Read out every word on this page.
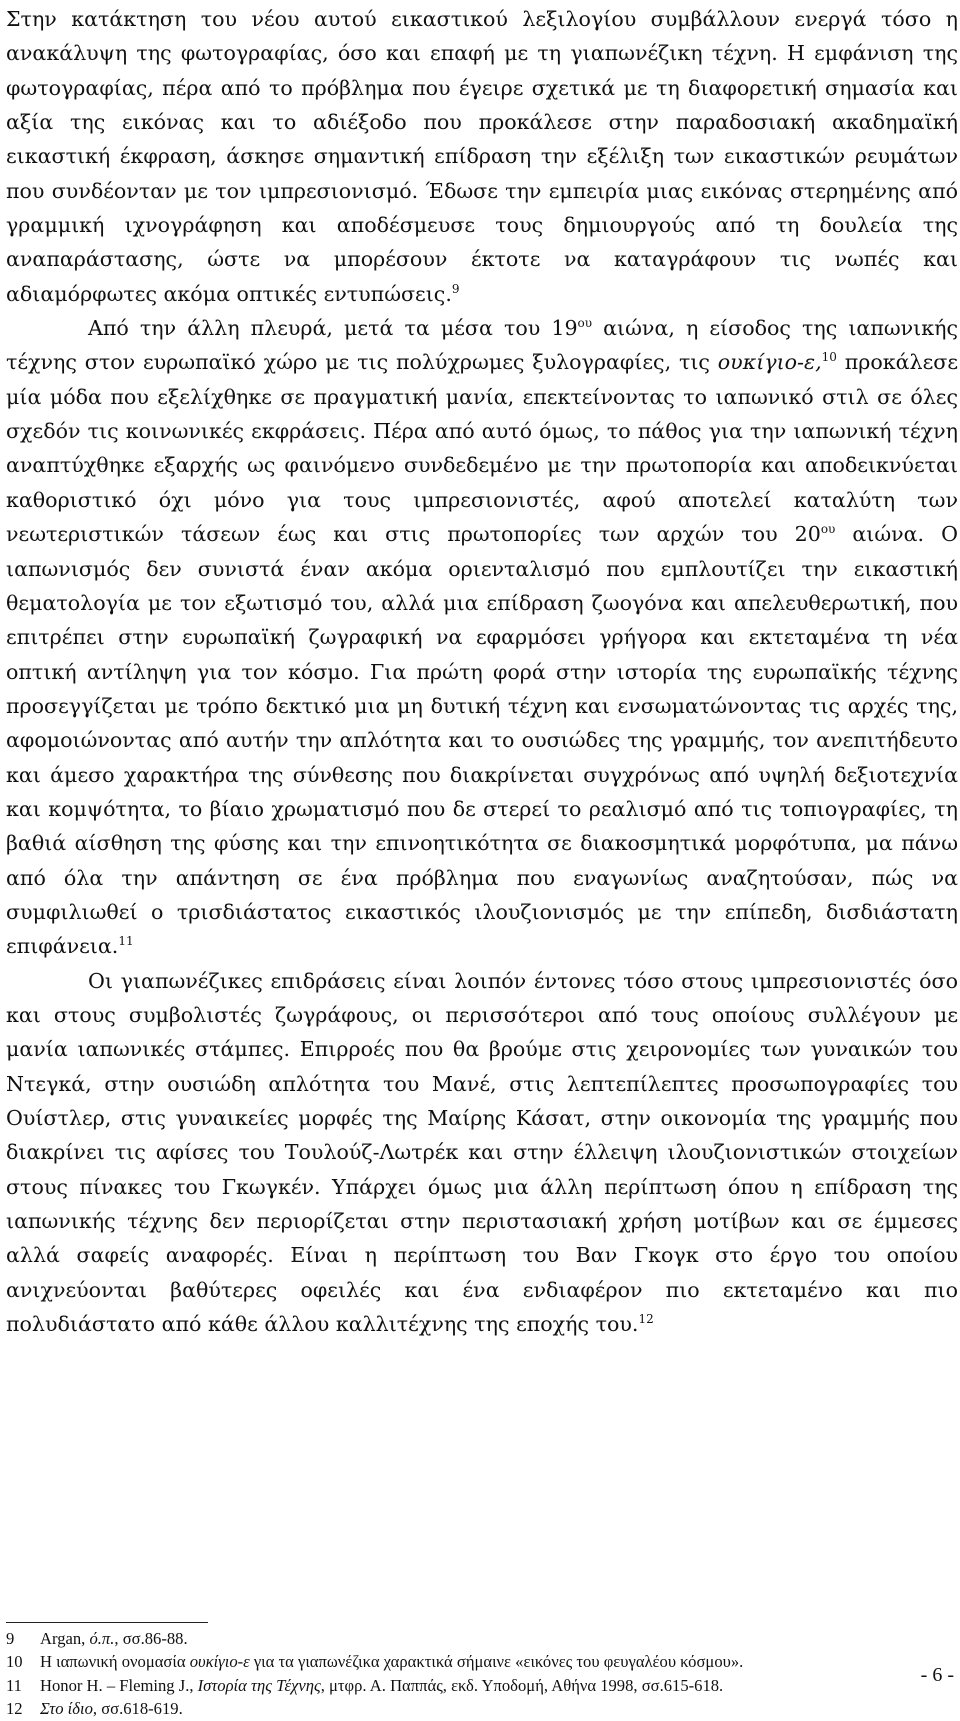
Στην κατάκτηση του νέου αυτού εικαστικού λεξιλογίου συμβάλλουν ενεργά τόσο η ανακάλυψη της φωτογραφίας, όσο και επαφή με τη γιαπωνέζικη τέχνη. Η εμφάνιση της φωτογραφίας, πέρα από το πρόβλημα που έγειρε σχετικά με τη διαφορετική σημασία και αξία της εικόνας και το αδιέξοδο που προκάλεσε στην παραδοσιακή ακαδημαϊκή εικαστική έκφραση, άσκησε σημαντική επίδραση την εξέλιξη των εικαστικών ρευμάτων που συνδέονταν με τον ιμπρεσιονισμό. Έδωσε την εμπειρία μιας εικόνας στερημένης από γραμμική ιχνογράφηση και αποδέσμευσε τους δημιουργούς από τη δουλεία της αναπαράστασης, ώστε να μπορέσουν έκτοτε να καταγράφουν τις νωπές και αδιαμόρφωτες ακόμα οπτικές εντυπώσεις.$^9$

Από την άλλη πλευρά, μετά τα μέσα του $19^{o\upsilon}$ αιώνα, η είσοδος της ιαπωνικής τέχνης στον ευρωπαϊκό χώρο με τις πολύχρωμες ξυλογραφίες, τις ουκίγιο-ε,$^{10}$ προκάλεσε μία μόδα που εξελίχθηκε σε πραγματική μανία, επεκτείνοντας το ιαπωνικό στιλ σε όλες σχεδόν τις κοινωνικές εκφράσεις. Πέρα από αυτό όμως, το πάθος για την ιαπωνική τέχνη αναπτύχθηκε εξαρχής ως φαινόμενο συνδεδεμένο με την πρωτοπορία και αποδεικνύεται καθοριστικό όχι μόνο για τους ιμπρεσιονιστές, αφού αποτελεί καταλύτη των νεωτεριστικών τάσεων έως και στις πρωτοπορίες των αρχών του $20^{o\upsilon}$ αιώνα. Ο ιαπωνισμός δεν συνιστά έναν ακόμα οριενταλισμό που εμπλουτίζει την εικαστική θεματολογία με τον εξωτισμό του, αλλά μια επίδραση ζωογόνα και απελευθερωτική, που επιτρέπει στην ευρωπαϊκή ζωγραφική να εφαρμόσει γρήγορα και εκτεταμένα τη νέα οπτική αντίληψη για τον κόσμο. Για πρώτη φορά στην ιστορία της ευρωπαϊκής τέχνης προσεγγίζεται με τρόπο δεκτικό μια μη δυτική τέχνη και ενσωματώνοντας τις αρχές της, αφομοιώνοντας από αυτήν την απλότητα και το ουσιώδες της γραμμής, τον ανεπιτήδευτο και άμεσο χαρακτήρα της σύνθεσης που διακρίνεται συγχρόνως από υψηλή δεξιοτεχνία και κομψότητα, το βίαιο χρωματισμό που δε στερεί το ρεαλισμό από τις τοπιογραφίες, τη βαθιά αίσθηση της φύσης και την επινοητικότητα σε διακοσμητικά μορφότυπα, μα πάνω από όλα την απάντηση σε ένα πρόβλημα που εναγωνίως αναζητούσαν, πώς να συμφιλιωθεί ο τρισδιάστατος εικαστικός ιλουζιονισμός με την επίπεδη, δισδιάστατη επιφάνεια.$^{11}$

Οι γιαπωνέζικες επιδράσεις είναι λοιπόν έντονες τόσο στους ιμπρεσιονιστές όσο και στους συμβολιστές ζωγράφους, οι περισσότεροι από τους οποίους συλλέγουν με μανία ιαπωνικές στάμπες. Επιρροές που θα βρούμε στις χειρονομίες των γυναικών του Ντεγκά, στην ουσιώδη απλότητα του Μανέ, στις λεπτεπίλεπτες προσωπογραφίες του Ουίστλερ, στις γυναικείες μορφές της Μαίρης Κάσατ, στην οικονομία της γραμμής που διακρίνει τις αφίσες του Τουλούζ-Λωτρέκ και στην έλλειψη ιλουζιονιστικών στοιχείων στους πίνακες του Γκωγκέν. Υπάρχει όμως μια άλλη περίπτωση όπου η επίδραση της ιαπωνικής τέχνης δεν περιορίζεται στην περιστασιακή χρήση μοτίβων και σε έμμεσες αλλά σαφείς αναφορές. Είναι η περίπτωση του Βαν Γκογκ στο έργο του οποίου ανιχνεύονται βαθύτερες οφειλές και ένα ενδιαφέρον πιο εκτεταμένο και πιο πολυδιάστατο από κάθε άλλου καλλιτέχνης της εποχής του.$^{12}$

9 Argan, ό.π., σσ.86-88.
10 Η ιαπωνική ονομασία ουκίγιο-ε για τα γιαπωνέζικα χαρακτικά σήμαινε «εικόνες του φευγαλέου κόσμου».
11 Honor H. – Fleming J., Ιστορία της Τέχνης, μτφρ. Α. Παππάς, εκδ. Υποδομή, Αθήνα 1998, σσ.615-618.
12 Στο ίδιο, σσ.618-619.
- 6 -
